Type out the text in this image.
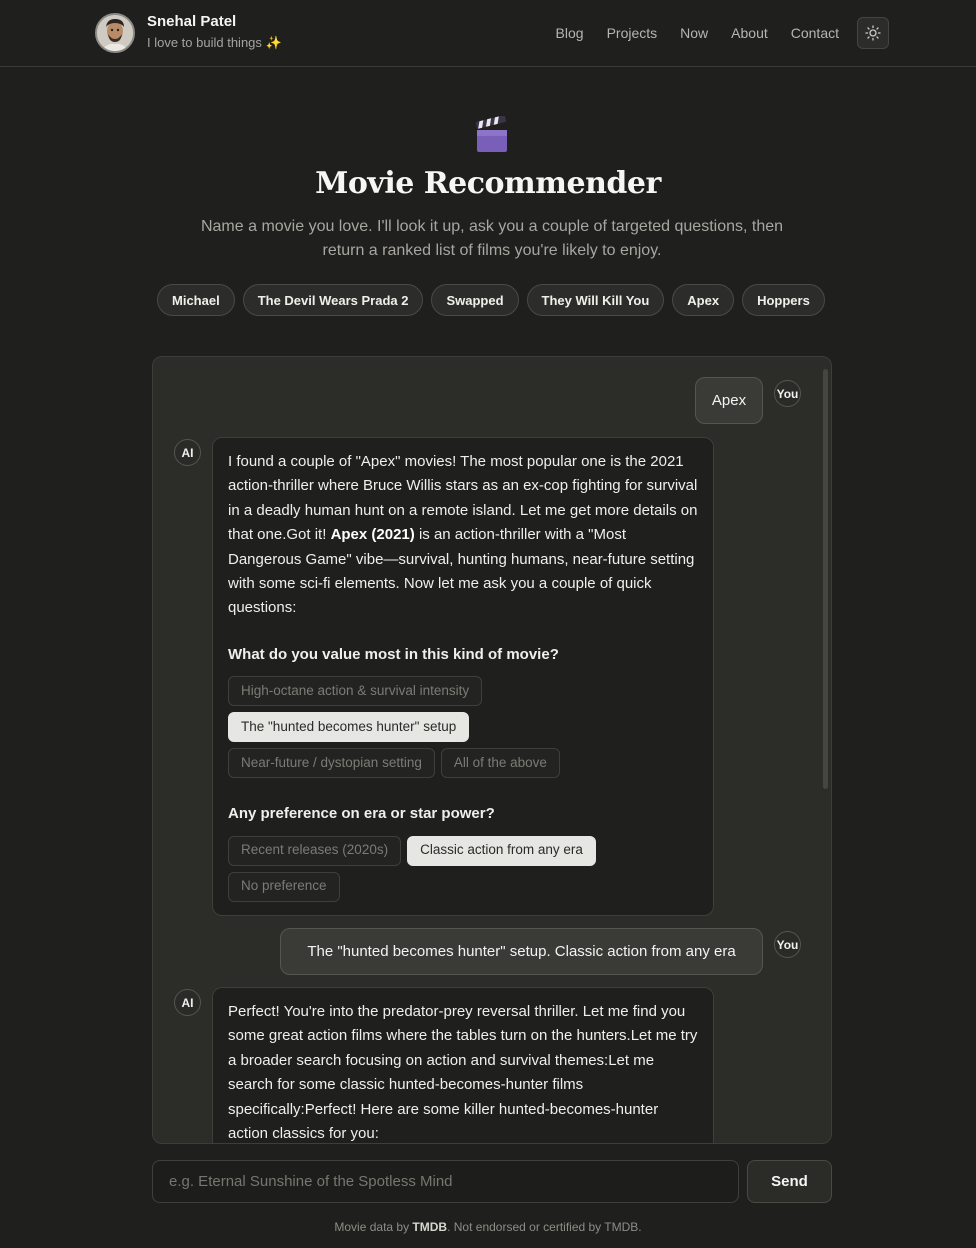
Snehal Patel
I love to build things ✨
Blog Projects Now About Contact
Movie Recommender

Name a movie you love. I'll look it up, ask you a couple of targeted questions, then return a ranked list of films you're likely to enjoy.

Michael	The Devil Wears Prada 2	Swapped	They Will Kill You	Apex	Hoppers
Apex	You
AI
I found a couple of "Apex" movies! The most popular one is the 2021 action-thriller where Bruce Willis stars as an ex-cop fighting for survival in a deadly human hunt on a remote island. Let me get more details on that one.Got it! Apex (2021) is an action-thriller with a "Most Dangerous Game" vibe—survival, hunting humans, near-future setting with some sci-fi elements. Now let me ask you a couple of quick questions:
What do you value most in this kind of movie?
High-octane action & survival intensity
The "hunted becomes hunter" setup
Near-future / dystopian setting	All of the above
Any preference on era or star power?
Recent releases (2020s)	Classic action from any era
No preference
The "hunted becomes hunter" setup. Classic action from any era	You
AI
Perfect! You're into the predator-prey reversal thriller. Let me find you some great action films where the tables turn on the hunters.Let me try a broader search focusing on action and survival themes:Let me search for some classic hunted-becomes-hunter films specifically:Perfect! Here are some killer hunted-becomes-hunter action classics for you:
e.g. Eternal Sunshine of the Spotless Mind
Send
Movie data by TMDB. Not endorsed or certified by TMDB.
